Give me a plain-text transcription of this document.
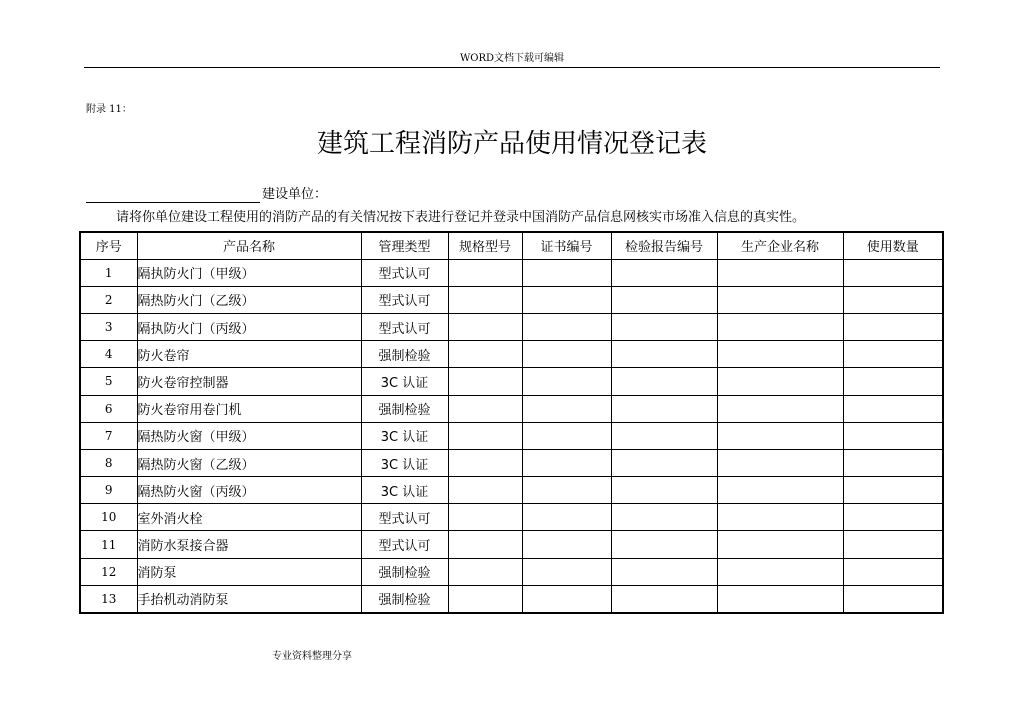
WORD文档下载可编辑
附录 11：
建筑工程消防产品使用情况登记表
建设单位：
请将你单位建设工程使用的消防产品的有关情况按下表进行登记并登录中国消防产品信息网核实市场准入信息的真实性。
序号	产品名称	管理类型	规格型号	证书编号	检验报告编号	生产企业名称	使用数量
1	隔执防火门（甲级）	型式认可					
2	隔热防火门（乙级）	型式认可					
3	隔执防火门（丙级）	型式认可					
4	防火卷帘	强制检验					
5	防火卷帘控制器	3C 认证					
6	防火卷帘用卷门机	强制检验					
7	隔热防火窗（甲级）	3C 认证					
8	隔热防火窗（乙级）	3C 认证					
9	隔热防火窗（丙级）	3C 认证					
10	室外消火栓	型式认可					
11	消防水泵接合器	型式认可					
12	消防泵	强制检验					
13	手抬机动消防泵	强制检验					
专业资料整理分享
